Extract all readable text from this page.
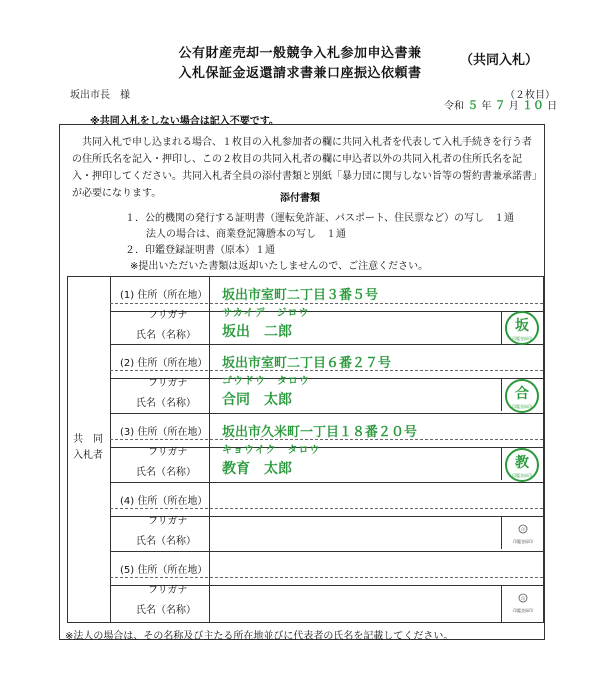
公有財産売却一般競争入札参加申込書兼
入札保証金返還請求書兼口座振込依頼書
（共同入札）
坂出市長　様	（２枚目）
令和 ５ 年 ７ 月 １０ 日
※共同入札をしない場合は記入不要です。
共同入札で申し込まれる場合、１枚目の入札参加者の欄に共同入札者を代表して入札手続きを行う者の住所氏名を記入・押印し、この２枚目の共同入札者の欄に申込者以外の共同入札者の住所氏名を記入・押印してください。共同入札者全員の添付書類と別紙「暴力団に関与しない旨等の誓約書兼承諾書」が必要になります。	添付書類
１．公的機関の発行する証明書（運転免許証、パスポート、住民票など）の写し　１通
法人の場合は、商業登記簿謄本の写し　１通
２．印鑑登録証明書（原本）１通
※提出いただいた書類は返却いたしませんので、ご注意ください。
共　同
入札者
(1) 住所（所在地） 坂出市室町二丁目３番５号
フリガナ	サカイデ　ジロウ
氏名（名称） 坂出　二郎	坂
印鑑登録印
(2) 住所（所在地） 坂出市室町二丁目６番２７号
フリガナ	ゴウドウ　タロウ
氏名（名称） 合同　太郎	合
印鑑登録印
(3) 住所（所在地） 坂出市久米町一丁目１８番２０号
フリガナ	キョウイク　タロウ
氏名（名称） 教育　太郎	教
印鑑登録印
(4) 住所（所在地）
フリガナ
氏名（名称）
印
印鑑登録印
(5) 住所（所在地）
フリガナ
氏名（名称）
印
印鑑登録印
※法人の場合は、その名称及び主たる所在地並びに代表者の氏名を記載してください。
